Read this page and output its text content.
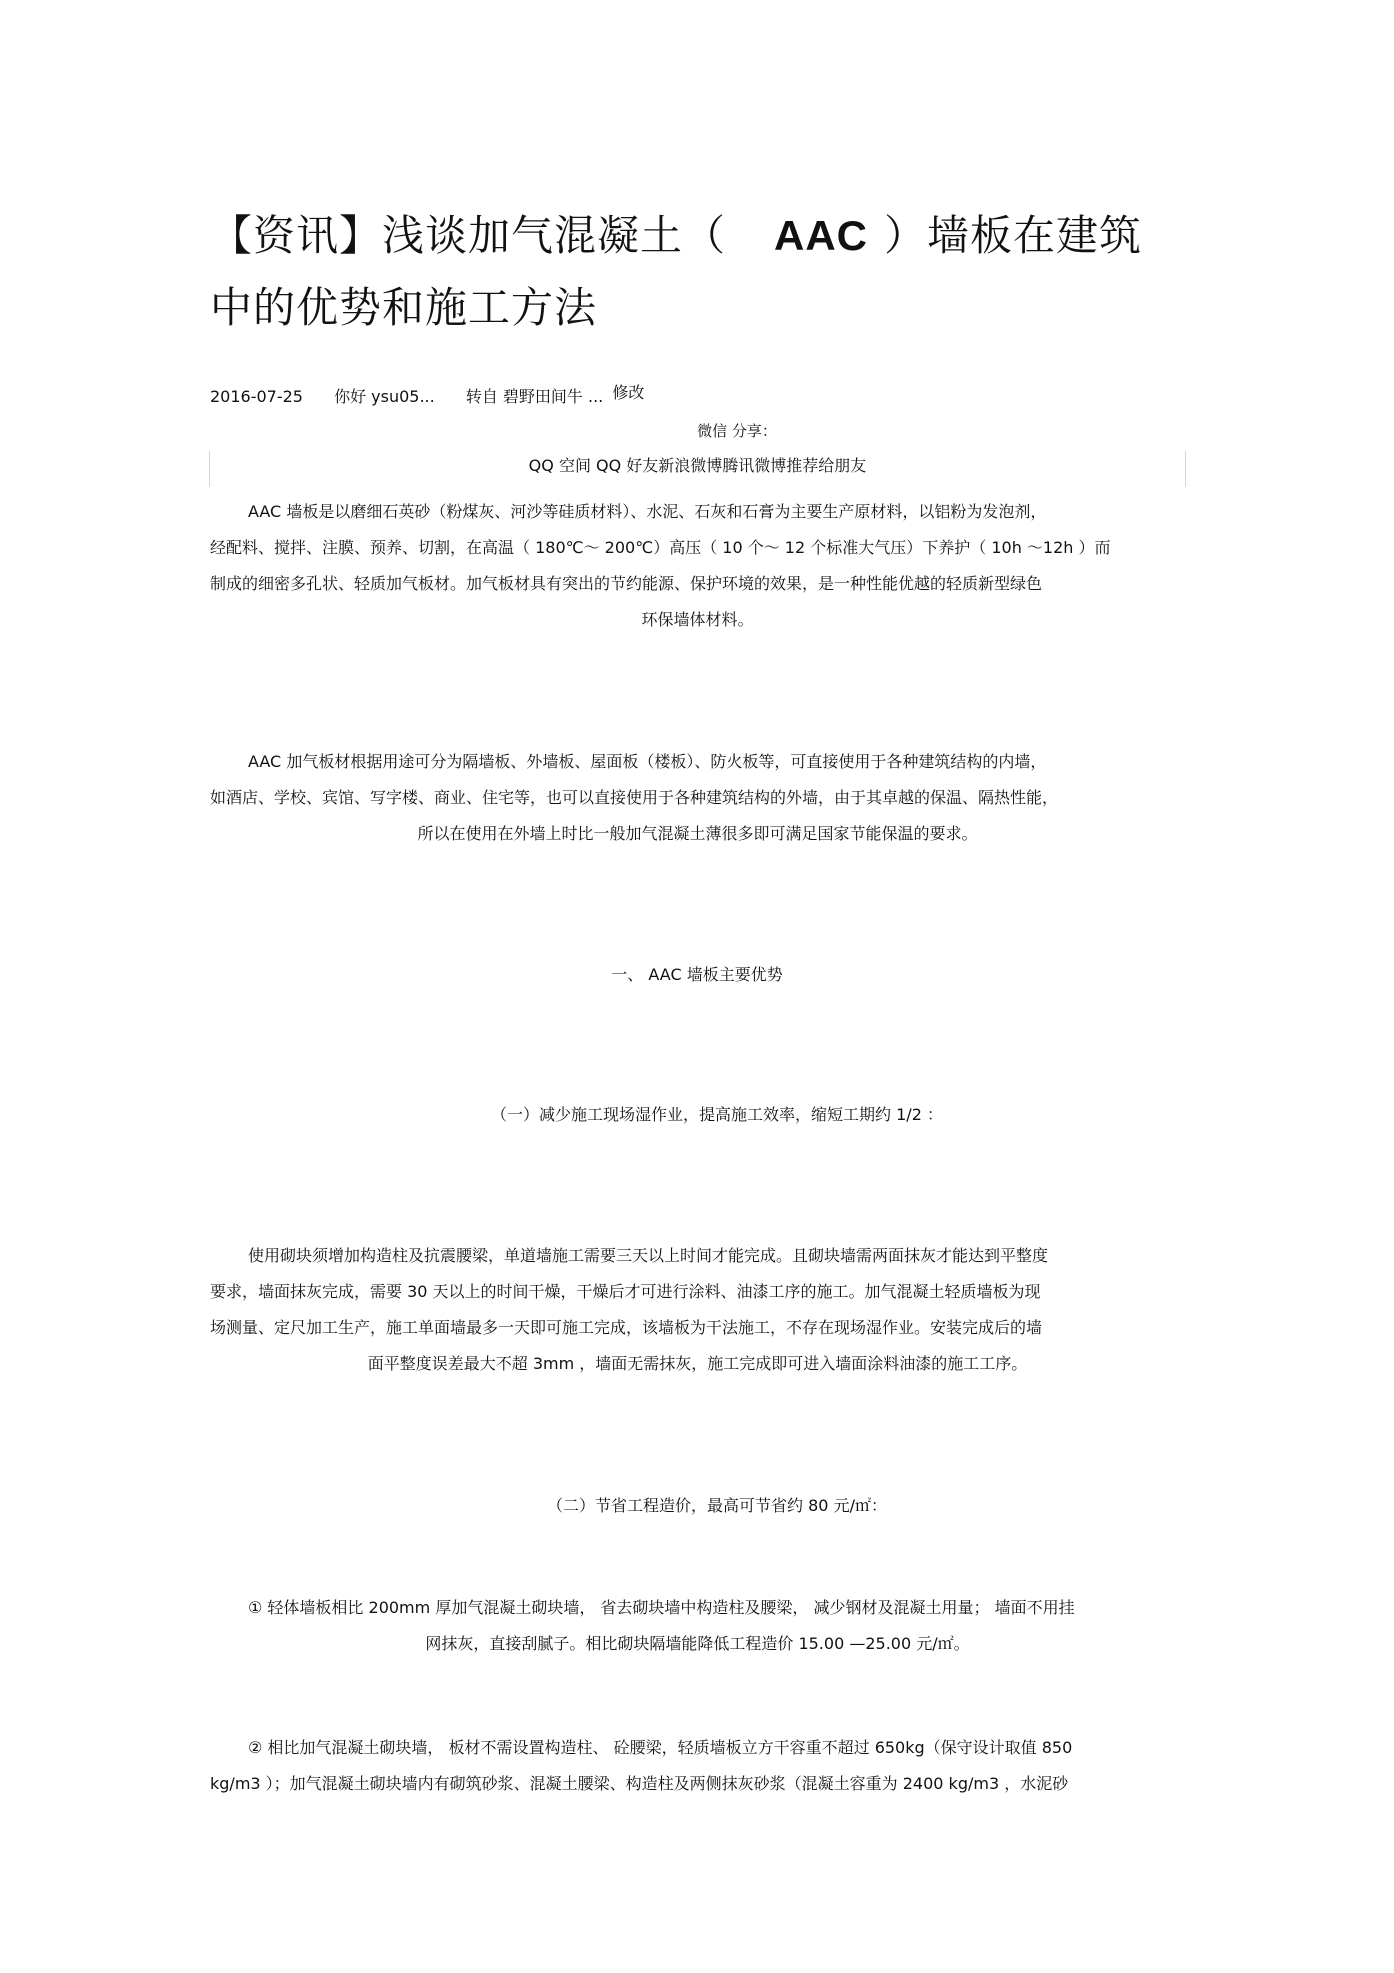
【资讯】浅谈加气混凝土（ AAC ）墙板在建筑
中的优势和施工方法
2016-07-25 你好 ysu05... 转自 碧野田间牛 ... 修改
微信 分享：
QQ 空间 QQ 好友新浪微博腾讯微博推荐给朋友
AAC 墙板是以磨细石英砂（粉煤灰、河沙等硅质材料）、水泥、石灰和石膏为主要生产原材料，以铝粉为发泡剂，
经配料、搅拌、注膜、预养、切割，在高温（ 180℃～ 200℃）高压（ 10 个～ 12 个标准大气压）下养护（ 10h ～12h ）而
制成的细密多孔状、轻质加气板材。加气板材具有突出的节约能源、保护环境的效果，是一种性能优越的轻质新型绿色
环保墙体材料。
AAC 加气板材根据用途可分为隔墙板、外墙板、屋面板（楼板）、防火板等，可直接使用于各种建筑结构的内墙，
如酒店、学校、宾馆、写字楼、商业、住宅等，也可以直接使用于各种建筑结构的外墙，由于其卓越的保温、隔热性能，
所以在使用在外墙上时比一般加气混凝土薄很多即可满足国家节能保温的要求。
一、 AAC 墙板主要优势
（一）减少施工现场湿作业，提高施工效率，缩短工期约 1/2 ：
使用砌块须增加构造柱及抗震腰梁，单道墙施工需要三天以上时间才能完成。且砌块墙需两面抹灰才能达到平整度
要求，墙面抹灰完成，需要 30 天以上的时间干燥，干燥后才可进行涂料、油漆工序的施工。加气混凝土轻质墙板为现
场测量、定尺加工生产，施工单面墙最多一天即可施工完成，该墙板为干法施工，不存在现场湿作业。安装完成后的墙
面平整度误差最大不超 3mm ，墙面无需抹灰，施工完成即可进入墙面涂料油漆的施工工序。
（二）节省工程造价，最高可节省约 80 元/㎡：
① 轻体墙板相比 200mm 厚加气混凝土砌块墙， 省去砌块墙中构造柱及腰梁， 减少钢材及混凝土用量； 墙面不用挂
网抹灰，直接刮腻子。相比砌块隔墙能降低工程造价 15.00 —25.00 元/㎡。
② 相比加气混凝土砌块墙， 板材不需设置构造柱、 砼腰梁，轻质墙板立方干容重不超过 650kg（保守设计取值 850
kg/m3 ）；加气混凝土砌块墙内有砌筑砂浆、混凝土腰梁、构造柱及两侧抹灰砂浆（混凝土容重为 2400 kg/m3 ，水泥砂
